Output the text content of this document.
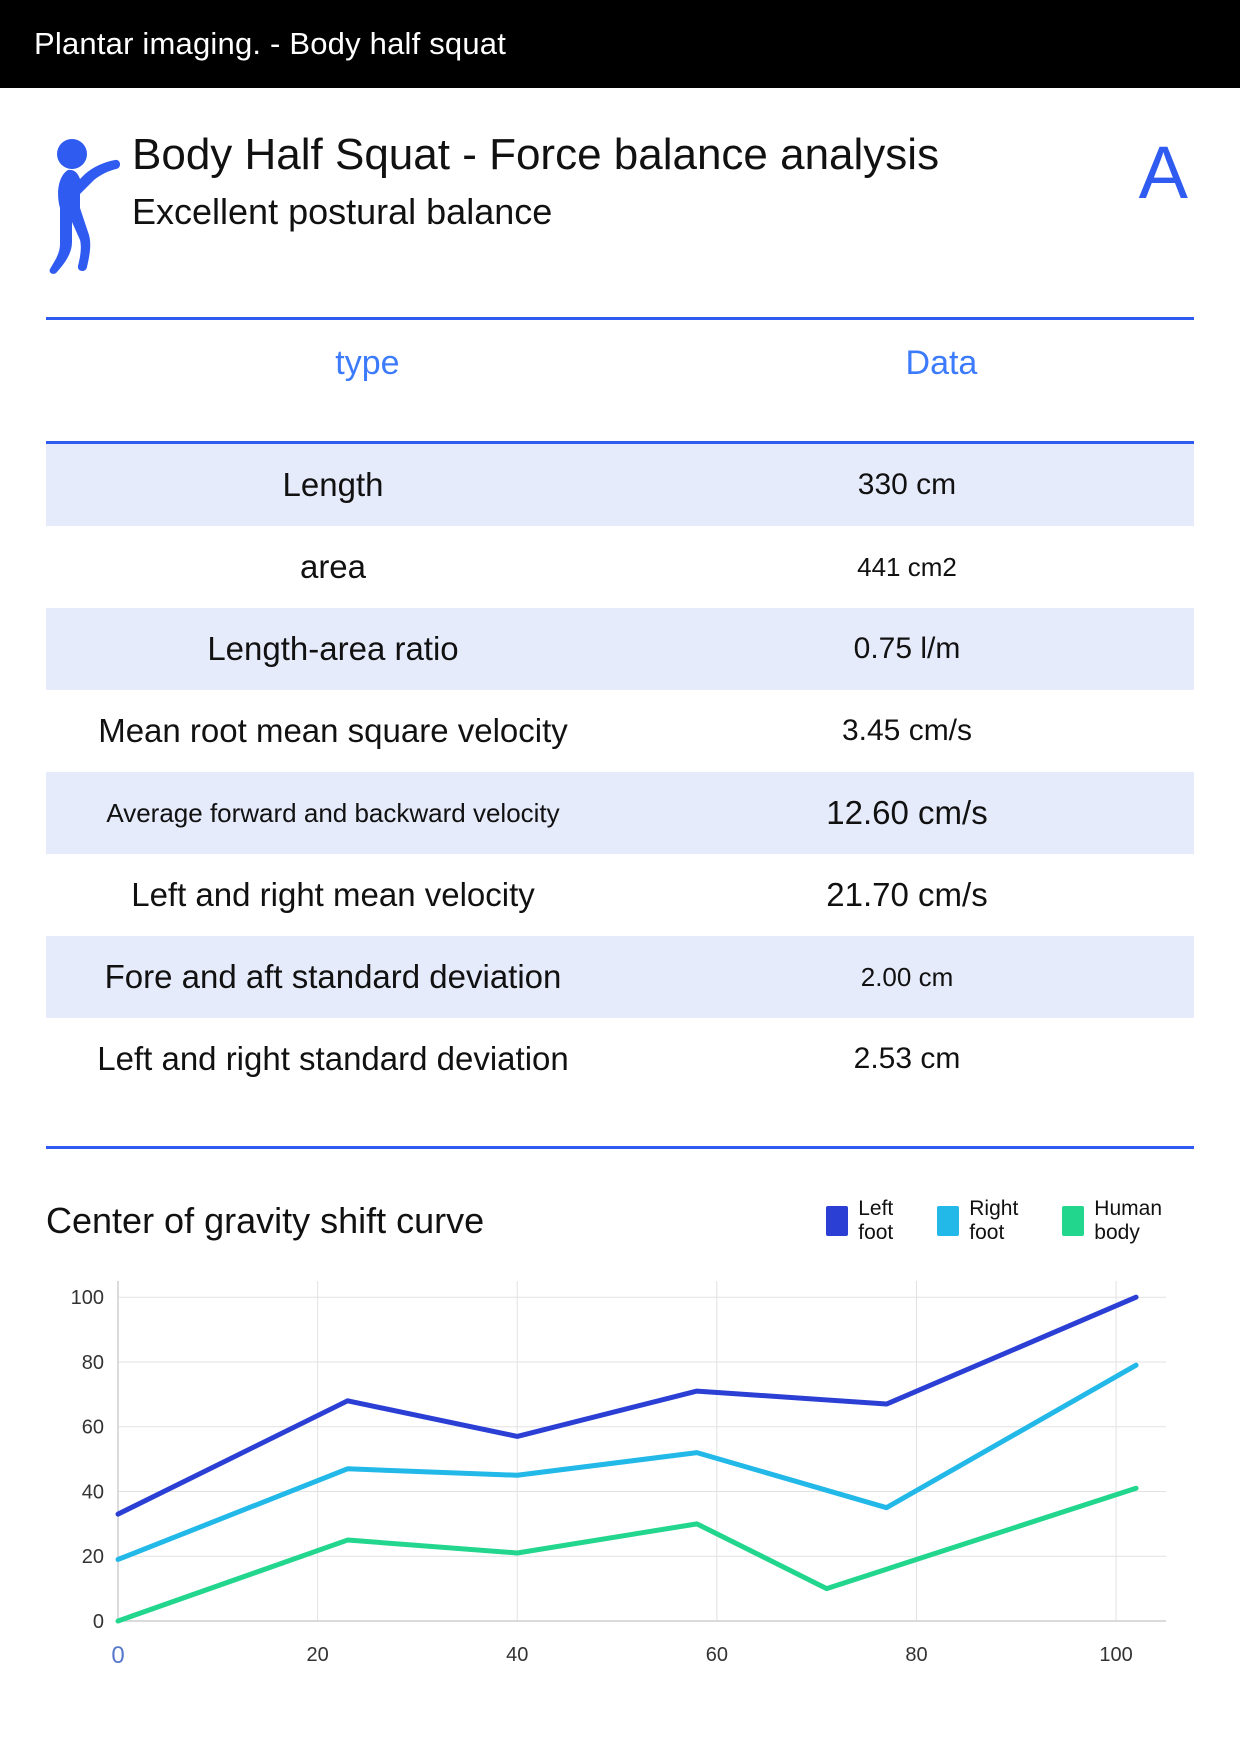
Plantar imaging. - Body half squat
Body Half Squat - Force balance analysis
Excellent postural balance	A
type	Data
Length	330 cm
area	441 cm2
Length-area ratio	0.75 l/m
Mean root mean square velocity	3.45 cm/s
Average forward and backward velocity	12.60 cm/s
Left and right mean velocity	21.70 cm/s
Fore and aft standard deviation	2.00 cm
Left and right standard deviation	2.53 cm
Center of gravity shift curve	Left
foot
Right
foot
Human
body
0
20
40
60
80
100
0	20	40	60	80	100
